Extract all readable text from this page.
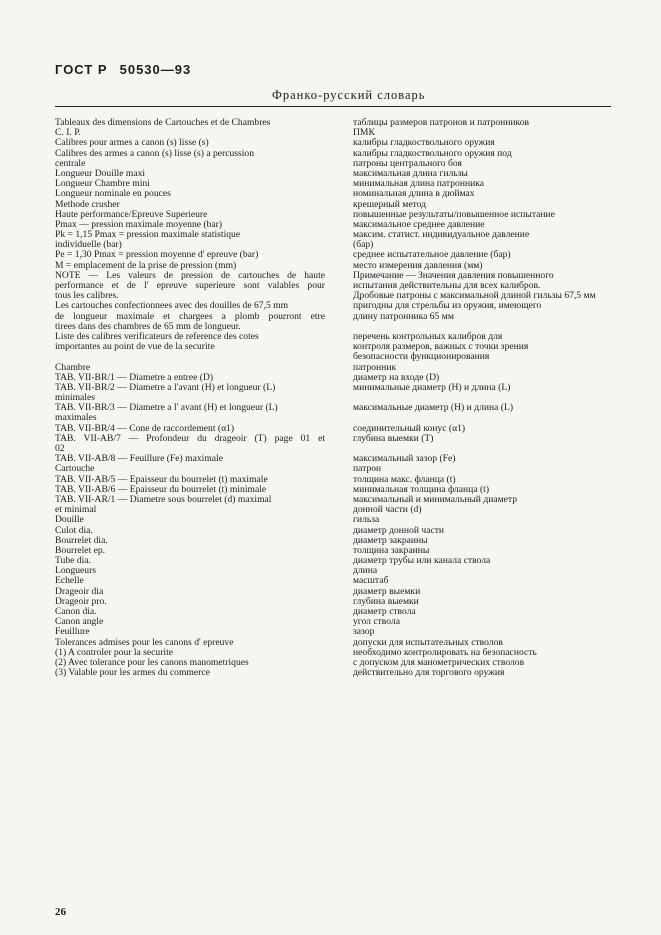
ГОСТ Р 50530—93
Франко-русский словарь
Tableaux des dimensions de Cartouches et de Chambres
C. I. P.
Calibres pour armes a canon (s) lisse (s)
Calibres des armes a canon (s) lisse (s) a percussion
centrale
Longueur Douille maxi
Longueur Chambre mini
Longueur nominale en pouces
Methode crusher
Haute performance/Epreuve Superieure
Pmax — pression maximale moyenne (bar)
Pk = 1,15 Pmax = pression maximale statistique
individuelle (bar)
Pe = 1,30 Pmax = pression moyenne d' epreuve (bar)
M = emplacement de la prise de pression (mm)
NOTE — Les valeurs de pression de cartouches de haute
performance et de l' epreuve superieure sont valables pour
tous les calibres.
Les cartouches confectionnees avec des douilles de 67,5 mm
de longueur maximale et chargees a plomb pourront etre
tirees dans des chambres de 65 mm de longueur.
Liste des calibres verificateurs de reference des cotes
importantes au point de vue de la securite
Chambre
TAB. VII-BR/1 — Diametre a entree (D)
TAB. VII-BR/2 — Diametre a l'avant (H) et longueur (L)
minimales
TAB. VII-BR/3 — Diametre a l' avant (H) et longueur (L)
maximales
TAB. VII-BR/4 — Cone de raccordement (α1)
TAB. VII-AB/7 — Profondeur du drageoir (T) page 01 et
02
TAB. VII-AB/8 — Feuillure (Fe) maximale
Cartouche
TAB. VII-AB/5 — Epaisseur du bourrelet (t) maximale
TAB. VII-AB/6 — Epaisseur du bourrelet (t) minimale
TAB. VII-AR/1 — Diametre sous bourrelet (d) maximal
et minimal
Douille
Culot dia.
Bourrelet dia.
Bourrelet ep.
Tube dia.
Longueurs
Echelle
Drageoir dia
Drageoir pro.
Canon dia.
Canon angle
Feuillure
Tolerances admises pour les canons d' epreuve
(1) A controler pour la securite
(2) Avec tolerance pour les canons manometriques
(3) Valable pour les armes du commerce
таблицы размеров патронов и патронников
ПМК
калибры гладкоствольного оружия
калибры гладкоствольного оружия под
патроны центрального боя
максимальная длина гильзы
минимальная длина патронника
номинальная длина в дюймах
крешерный метод
повышенные результаты/повышенное испытание
максимальное среднее давление
максим. статист. индивидуальное давление
(бар)
среднее испытательное давление (бар)
место измерения давления (мм)
Примечание — Значения давления повышенного
испытания действительны для всех калибров.
Дробовые патроны с максимальной длиной гильзы 67,5 мм
пригодны для стрельбы из оружия, имеющего
длину патронника 65 мм
перечень контрольных калибров для
контроля размеров, важных с точки зрения
безопасности функционирования
патронник
диаметр на входе (D)
минимальные диаметр (H) и длина (L)
максимальные диаметр (H) и длина (L)
соединительный конус (α1)
глубина выемки (T)
максимальный зазор (Fe)
патрон
толщина макс. фланца (t)
минимальная толщина фланца (t)
максимальный и минимальный диаметр
донной части (d)
гильза
диаметр донной части
диаметр закраины
толщина закраины
диаметр трубы или канала ствола
длина
масштаб
диаметр выемки
глубина выемки
диаметр ствола
угол ствола
зазор
допуски для испытательных стволов
необходимо контролировать на безопасность
с допуском для манометрических стволов
действительно для торгового оружия
26
